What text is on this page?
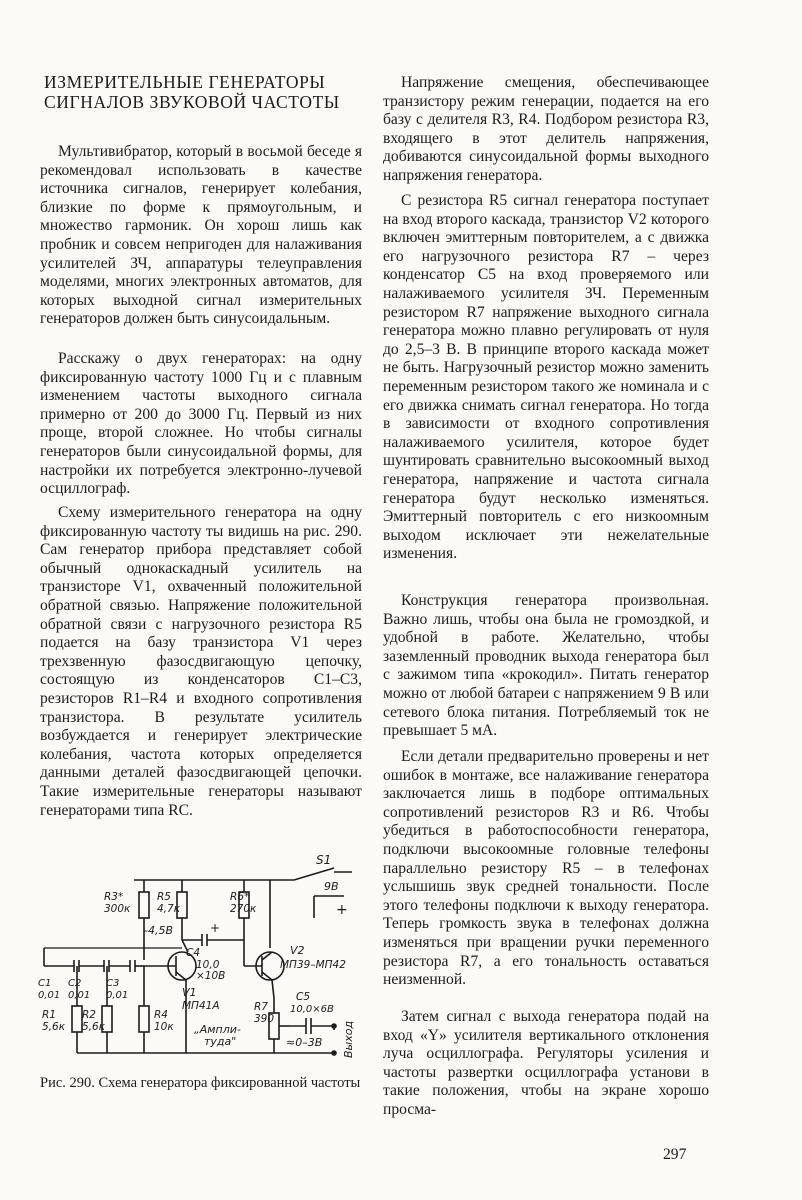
ИЗМЕРИТЕЛЬНЫЕ ГЕНЕРАТОРЫ СИГНАЛОВ ЗВУКОВОЙ ЧАСТОТЫ

Мультивибратор, который в восьмой беседе я рекомендовал использовать в качестве источника сигналов, генерирует колебания, близкие по форме к прямоугольным, и множество гармоник. Он хорош лишь как пробник и совсем непригоден для налаживания усилителей ЗЧ, аппаратуры телеуправления моделями, многих электронных автоматов, для которых выходной сигнал измерительных генераторов должен быть синусоидальным.

Расскажу о двух генераторах: на одну фиксированную частоту 1000 Гц и с плавным изменением частоты выходного сигнала примерно от 200 до 3000 Гц. Первый из них проще, второй сложнее. Но чтобы сигналы генераторов были синусоидальной формы, для настройки их потребуется электронно-лучевой осциллограф.

Схему измерительного генератора на одну фиксированную частоту ты видишь на рис. 290. Сам генератор прибора представляет собой обычный однокаскадный усилитель на транзисторе V1, охваченный положительной обратной связью. Напряжение положительной обратной связи с нагрузочного резистора R5 подается на базу транзистора V1 через трехзвенную фазосдвигающую цепочку, состоящую из конденсаторов C1–C3, резисторов R1–R4 и входного сопротивления транзистора. В результате усилитель возбуждается и генерирует электрические колебания, частота которых определяется данными деталей фазосдвигающей цепочки. Такие измерительные генераторы называют генераторами типа RC.

Напряжение смещения, обеспечивающее транзистору режим генерации, подается на его базу с делителя R3, R4. Подбором резистора R3, входящего в этот делитель напряжения, добиваются синусоидальной формы выходного напряжения генератора.

С резистора R5 сигнал генератора поступает на вход второго каскада, транзистор V2 которого включен эмиттерным повторителем, а с движка его нагрузочного резистора R7 – через конденсатор C5 на вход проверяемого или налаживаемого усилителя ЗЧ. Переменным резистором R7 напряжение выходного сигнала генератора можно плавно регулировать от нуля до 2,5–3 В. В принципе второго каскада может не быть. Нагрузочный резистор можно заменить переменным резистором такого же номинала и с его движка снимать сигнал генератора. Но тогда в зависимости от входного сопротивления налаживаемого усилителя, которое будет шунтировать сравнительно высокоомный выход генератора, напряжение и частота сигнала генератора будут несколько изменяться. Эмиттерный повторитель с его низкоомным выходом исключает эти нежелательные изменения.

Конструкция генератора произвольная. Важно лишь, чтобы она была не громоздкой, и удобной в работе. Желательно, чтобы заземленный проводник выхода генератора был с зажимом типа «крокодил». Питать генератор можно от любой батареи с напряжением 9 В или сетевого блока питания. Потребляемый ток не превышает 5 мА.

Если детали предварительно проверены и нет ошибок в монтаже, все налаживание генератора заключается лишь в подборе оптимальных сопротивлений резисторов R3 и R6. Чтобы убедиться в работоспособности генератора, подключи высокоомные головные телефоны параллельно резистору R5 – в телефонах услышишь звук средней тональности. После этого телефоны подключи к выходу генератора. Теперь громкость звука в телефонах должна изменяться при вращении ручки переменного резистора R7, а его тональность оставаться неизменной.

Затем сигнал с выхода генератора подай на вход «Y» усилителя вертикального отклонения луча осциллографа. Регуляторы усиления и частоты развертки осциллографа установи в такие положения, чтобы на экране хорошо просма-

S1
9В
+
R3*
300к
R5
4,7к
-4,5В
R6*
270к
C4
+
10,0
×10В
V2
МП39–МП42
V1
МП41А
C1
0,01
C2
0,01
C3
0,01
R1
5,6к
R2
5,6к
R4
10к
R7
390
C5
10,0×6В
≈0–3В
„Ампли-
туда"	Выход

Рис. 290. Схема генератора фиксированной частоты

297
